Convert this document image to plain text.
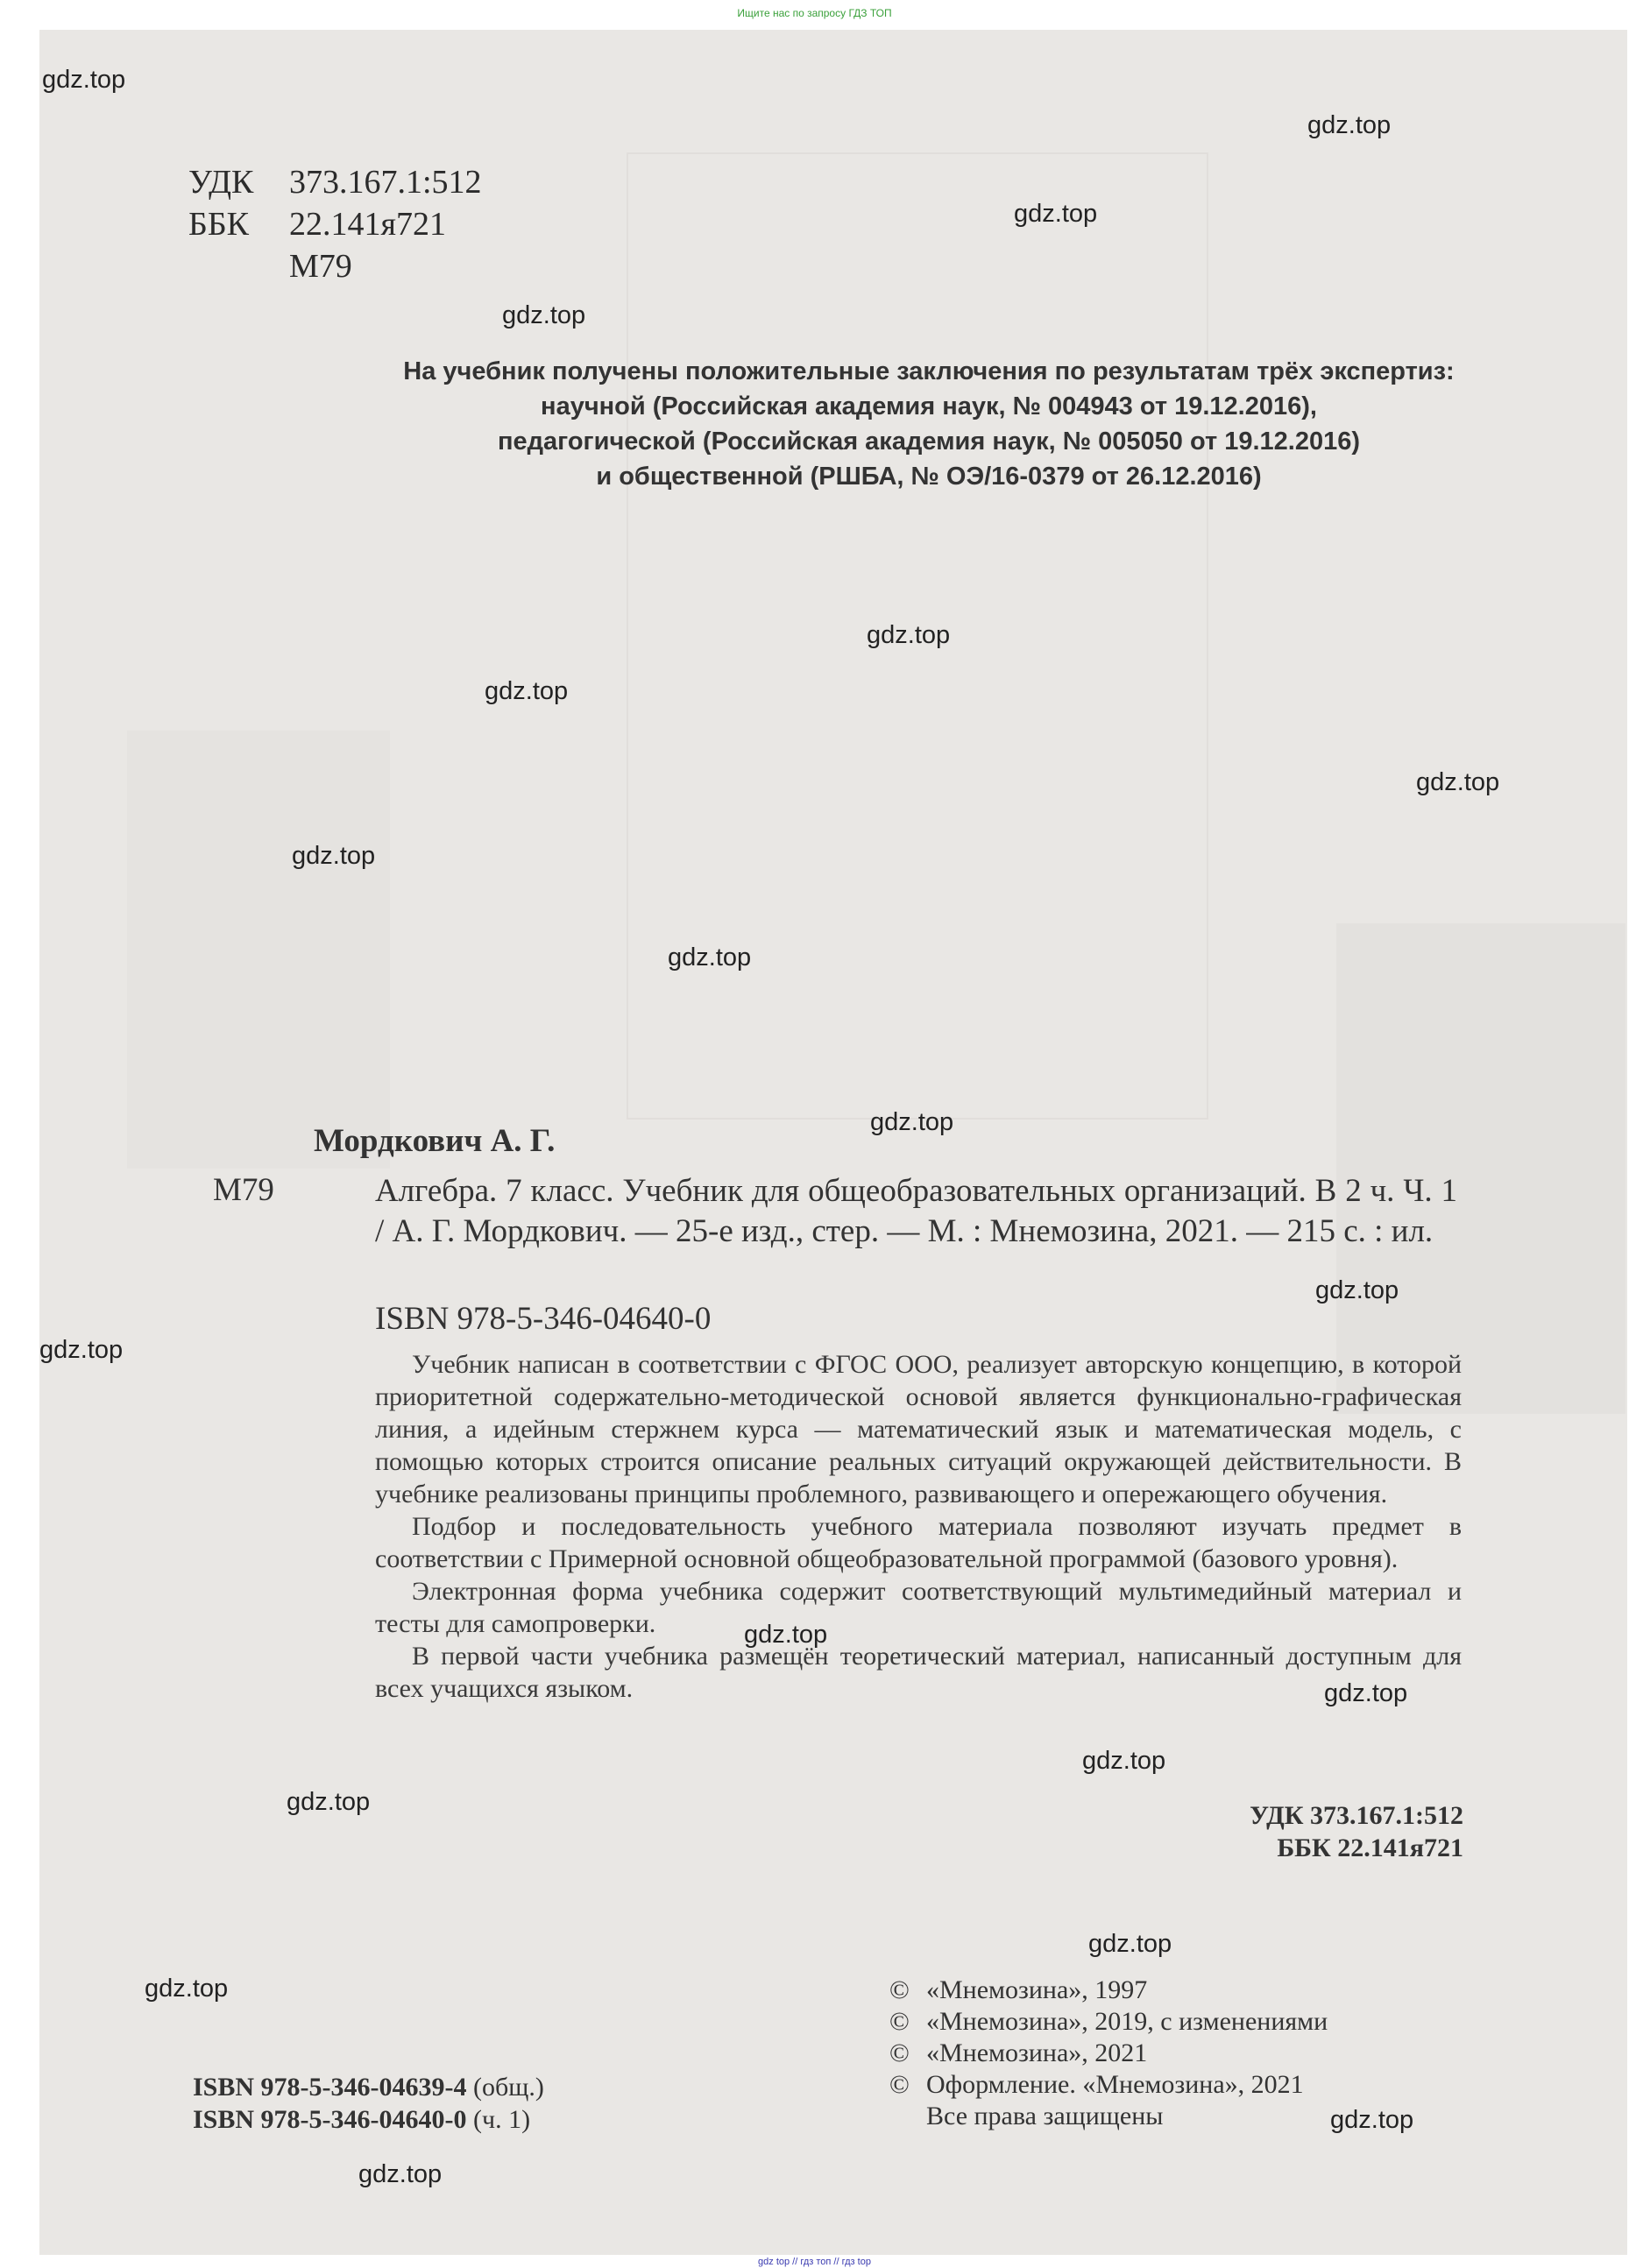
Ищите нас по запросу ГДЗ ТОП
УДК	373.167.1:512
ББК	22.141я721
М79
На учебник получены положительные заключения по результатам трёх экспертиз:
научной (Российская академия наук, № 004943 от 19.12.2016),
педагогической (Российская академия наук, № 005050 от 19.12.2016)
и общественной (РШБА, № ОЭ/16-0379 от 26.12.2016)
Мордкович А. Г.
М79	Алгебра. 7 класс. Учебник для общеобразовательных организаций. В 2 ч. Ч. 1 / А. Г. Мордкович. — 25-е изд., стер. — М. : Мнемозина, 2021. — 215 с. : ил.
ISBN 978-5-346-04640-0

Учебник написан в соответствии с ФГОС ООО, реализует авторскую концепцию, в которой приоритетной содержательно-методической основой является функционально-графическая линия, а идейным стержнем курса — математический язык и математическая модель, с помощью которых строится описание реальных ситуаций окружающей действительности. В учебнике реализованы принципы проблемного, развивающего и опережающего обучения.

Подбор и последовательность учебного материала позволяют изучать предмет в соответствии с Примерной основной общеобразовательной программой (базового уровня).

Электронная форма учебника содержит соответствующий мультимедийный материал и тесты для самопроверки.

В первой части учебника размещён теоретический материал, написанный доступным для всех учащихся языком.

УДК 373.167.1:512
ББК 22.141я721
ISBN 978-5-346-04639-4 (общ.)
ISBN 978-5-346-04640-0 (ч. 1)
© «Мнемозина», 1997
© «Мнемозина», 2019, с изменениями
© «Мнемозина», 2021
© Оформление. «Мнемозина», 2021
Все права защищены
gdz.top
gdz.top
gdz.top
gdz.top
gdz.top
gdz.top
gdz.top
gdz.top
gdz.top
gdz.top
gdz.top
gdz.top
gdz.top
gdz.top
gdz.top
gdz.top
gdz.top
gdz.top
gdz.top
gdz.top
gdz top // гдз топ // гдз top
